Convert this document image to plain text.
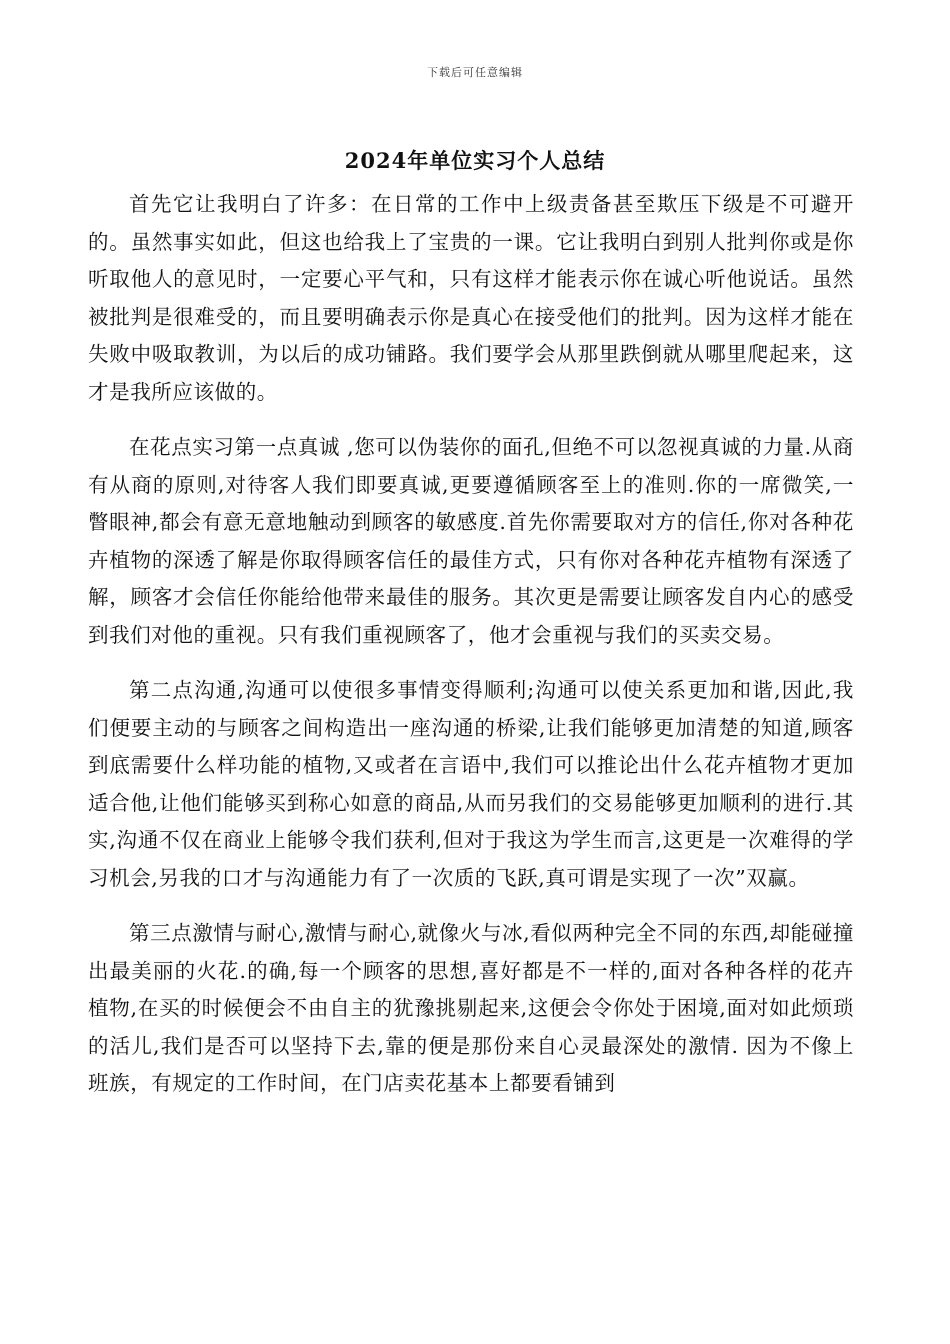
下载后可任意编辑
2024年单位实习个人总结

首先它让我明白了许多：在日常的工作中上级责备甚至欺压下级是不可避开的。虽然事实如此，但这也给我上了宝贵的一课。它让我明白到别人批判你或是你听取他人的意见时，一定要心平气和，只有这样才能表示你在诚心听他说话。虽然被批判是很难受的，而且要明确表示你是真心在接受他们的批判。因为这样才能在失败中吸取教训，为以后的成功铺路。我们要学会从那里跌倒就从哪里爬起来，这才是我所应该做的。

在花点实习第一点真诚 ,您可以伪装你的面孔,但绝不可以忽视真诚的力量.从商有从商的原则,对待客人我们即要真诚,更要遵循顾客至上的准则.你的一席微笑,一瞥眼神,都会有意无意地触动到顾客的敏感度.首先你需要取对方的信任,你对各种花卉植物的深透了解是你取得顾客信任的最佳方式，只有你对各种花卉植物有深透了解，顾客才会信任你能给他带来最佳的服务。其次更是需要让顾客发自内心的感受到我们对他的重视。只有我们重视顾客了，他才会重视与我们的买卖交易。

第二点沟通,沟通可以使很多事情变得顺利;沟通可以使关系更加和谐,因此,我们便要主动的与顾客之间构造出一座沟通的桥梁,让我们能够更加清楚的知道,顾客到底需要什么样功能的植物,又或者在言语中,我们可以推论出什么花卉植物才更加适合他,让他们能够买到称心如意的商品,从而另我们的交易能够更加顺利的进行.其实,沟通不仅在商业上能够令我们获利,但对于我这为学生而言,这更是一次难得的学习机会,另我的口才与沟通能力有了一次质的飞跃,真可谓是实现了一次”双赢。

第三点激情与耐心,激情与耐心,就像火与冰,看似两种完全不同的东西,却能碰撞出最美丽的火花.的确,每一个顾客的思想,喜好都是不一样的,面对各种各样的花卉植物,在买的时候便会不由自主的犹豫挑剔起来,这便会令你处于困境,面对如此烦琐的活儿,我们是否可以坚持下去,靠的便是那份来自心灵最深处的激情. 因为不像上班族，有规定的工作时间，在门店卖花基本上都要看铺到
